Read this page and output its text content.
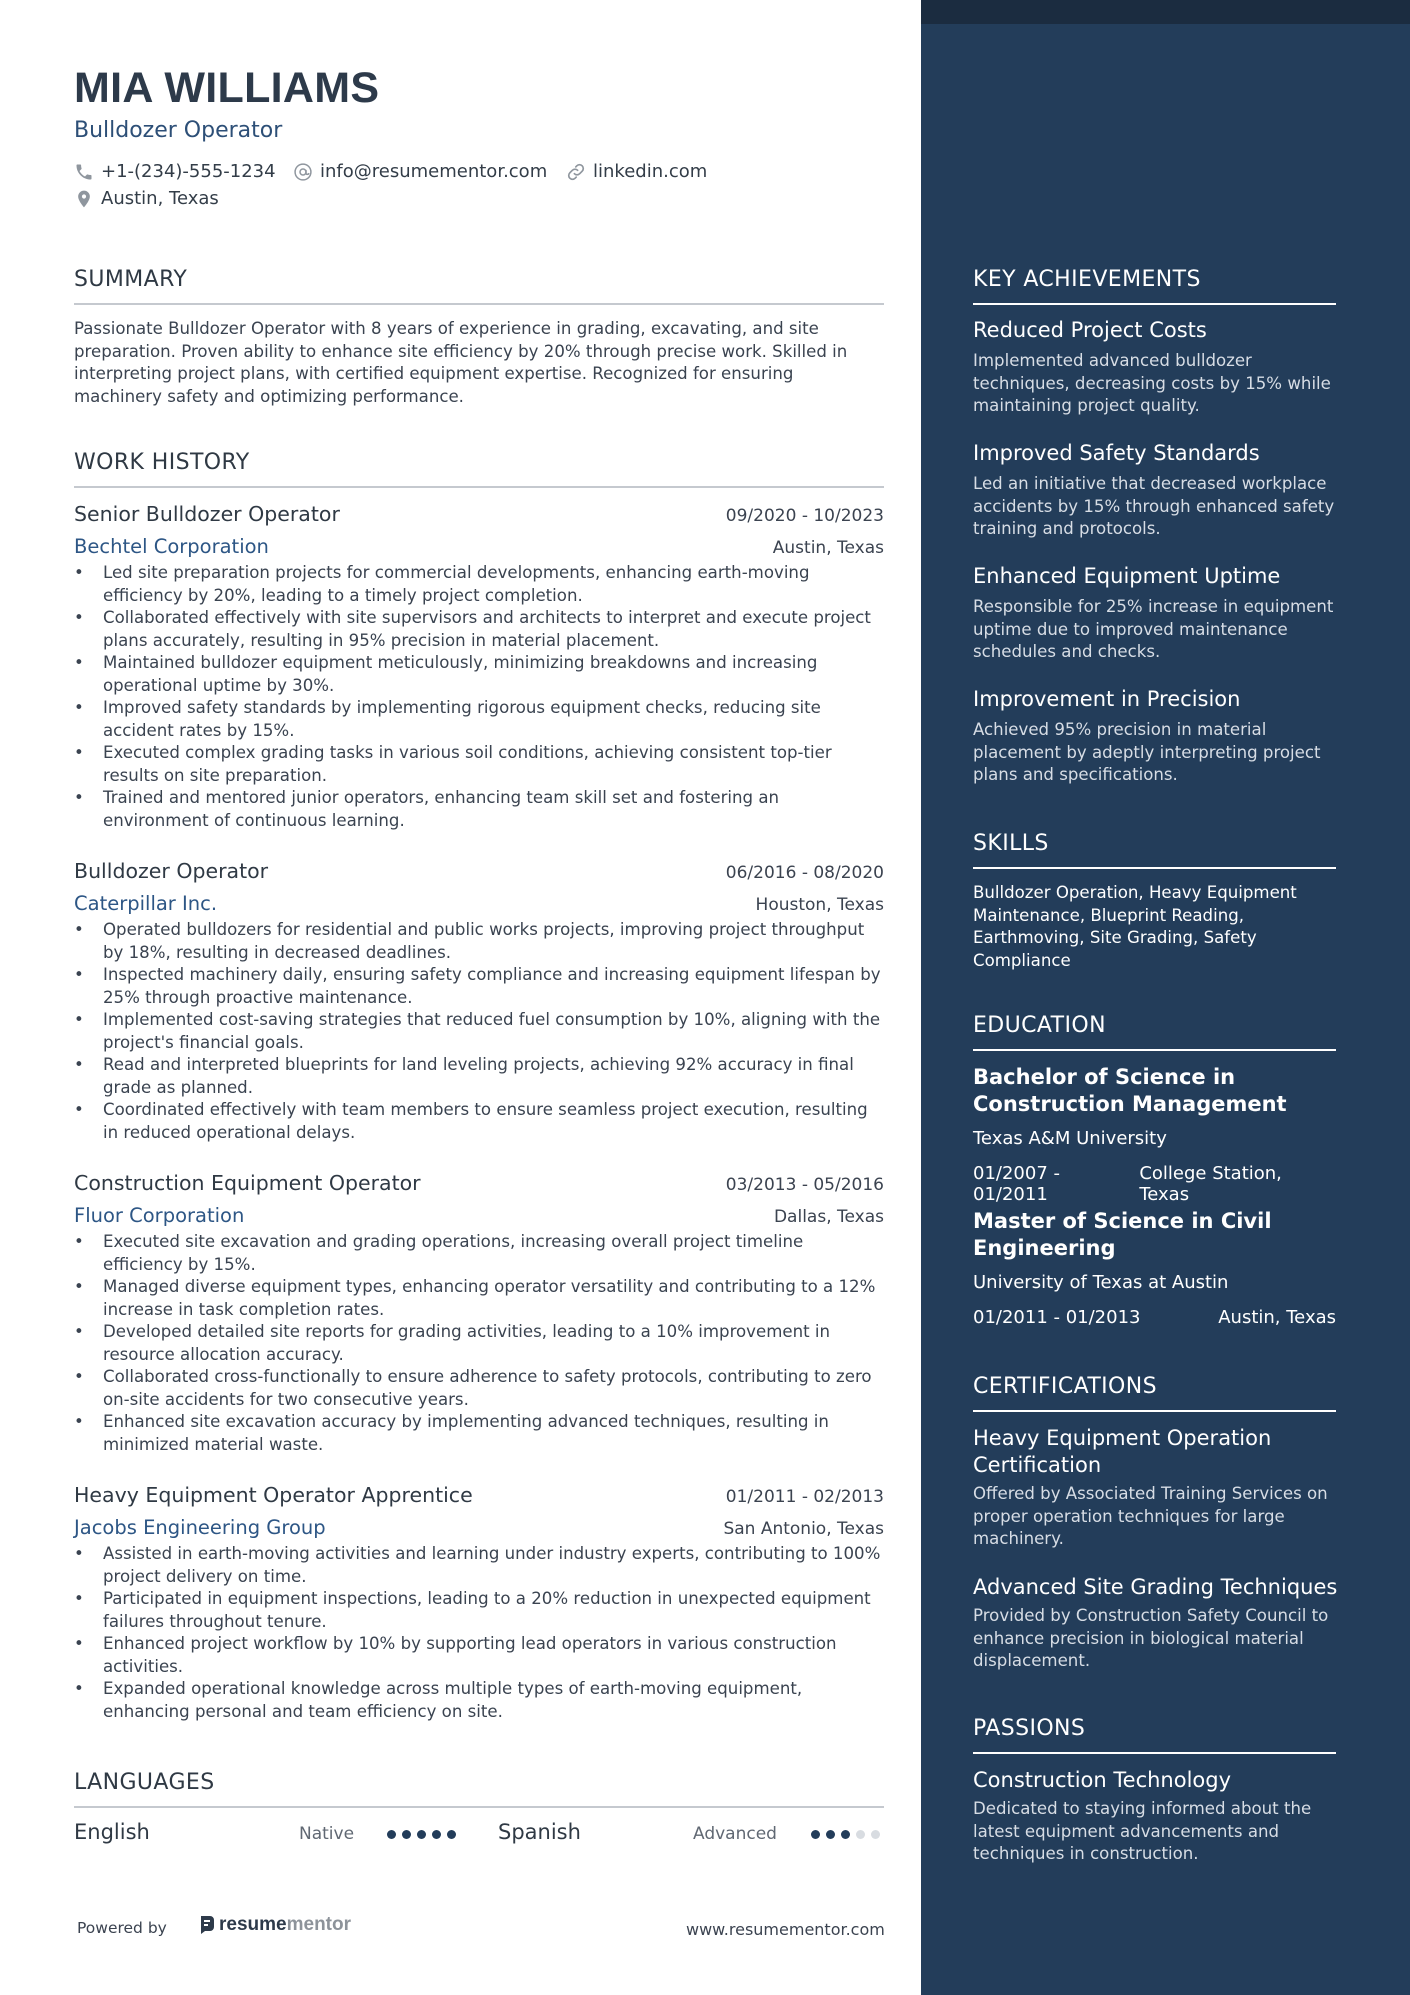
MIA WILLIAMS
Bulldozer Operator
+1-(234)-555-1234 info@resumementor.com	linkedin.com
Austin, Texas
SUMMARY
Passionate Bulldozer Operator with 8 years of experience in grading, excavating, and site preparation. Proven ability to enhance site efficiency by 20% through precise work. Skilled in interpreting project plans, with certified equipment expertise. Recognized for ensuring machinery safety and optimizing performance.
WORK HISTORY
Senior Bulldozer Operator	09/2020 - 10/2023
Bechtel Corporation	Austin, Texas
• Led site preparation projects for commercial developments, enhancing earth-moving efficiency by 20%, leading to a timely project completion.
• Collaborated effectively with site supervisors and architects to interpret and execute project plans accurately, resulting in 95% precision in material placement.
• Maintained bulldozer equipment meticulously, minimizing breakdowns and increasing operational uptime by 30%.
• Improved safety standards by implementing rigorous equipment checks, reducing site accident rates by 15%.
• Executed complex grading tasks in various soil conditions, achieving consistent top-tier results on site preparation.
• Trained and mentored junior operators, enhancing team skill set and fostering an environment of continuous learning.
Bulldozer Operator	06/2016 - 08/2020
Caterpillar Inc.	Houston, Texas
• Operated bulldozers for residential and public works projects, improving project throughput by 18%, resulting in decreased deadlines.
• Inspected machinery daily, ensuring safety compliance and increasing equipment lifespan by 25% through proactive maintenance.
• Implemented cost-saving strategies that reduced fuel consumption by 10%, aligning with the project's financial goals.
• Read and interpreted blueprints for land leveling projects, achieving 92% accuracy in final grade as planned.
• Coordinated effectively with team members to ensure seamless project execution, resulting in reduced operational delays.
Construction Equipment Operator	03/2013 - 05/2016
Fluor Corporation	Dallas, Texas
• Executed site excavation and grading operations, increasing overall project timeline efficiency by 15%.
• Managed diverse equipment types, enhancing operator versatility and contributing to a 12% increase in task completion rates.
• Developed detailed site reports for grading activities, leading to a 10% improvement in resource allocation accuracy.
• Collaborated cross-functionally to ensure adherence to safety protocols, contributing to zero on-site accidents for two consecutive years.
• Enhanced site excavation accuracy by implementing advanced techniques, resulting in minimized material waste.
Heavy Equipment Operator Apprentice	01/2011 - 02/2013
Jacobs Engineering Group	San Antonio, Texas
• Assisted in earth-moving activities and learning under industry experts, contributing to 100% project delivery on time.
• Participated in equipment inspections, leading to a 20% reduction in unexpected equipment failures throughout tenure.
• Enhanced project workflow by 10% by supporting lead operators in various construction activities.
• Expanded operational knowledge across multiple types of earth-moving equipment, enhancing personal and team efficiency on site.
LANGUAGES
English	Native	Spanish	Advanced
Powered by	resume mentor	www.resumementor.com
KEY ACHIEVEMENTS
Reduced Project Costs
Implemented advanced bulldozer techniques, decreasing costs by 15% while maintaining project quality.
Improved Safety Standards
Led an initiative that decreased workplace accidents by 15% through enhanced safety training and protocols.
Enhanced Equipment Uptime
Responsible for 25% increase in equipment uptime due to improved maintenance schedules and checks.
Improvement in Precision
Achieved 95% precision in material placement by adeptly interpreting project plans and specifications.
SKILLS
Bulldozer Operation, Heavy Equipment Maintenance, Blueprint Reading, Earthmoving, Site Grading, Safety Compliance
EDUCATION
Bachelor of Science in Construction Management
Texas A&M University
01/2007 - 01/2011
College Station, Texas
Master of Science in Civil Engineering
University of Texas at Austin
01/2011 - 01/2013	Austin, Texas
CERTIFICATIONS
Heavy Equipment Operation Certification
Offered by Associated Training Services on proper operation techniques for large machinery.
Advanced Site Grading Techniques
Provided by Construction Safety Council to enhance precision in biological material displacement.
PASSIONS
Construction Technology
Dedicated to staying informed about the latest equipment advancements and techniques in construction.
